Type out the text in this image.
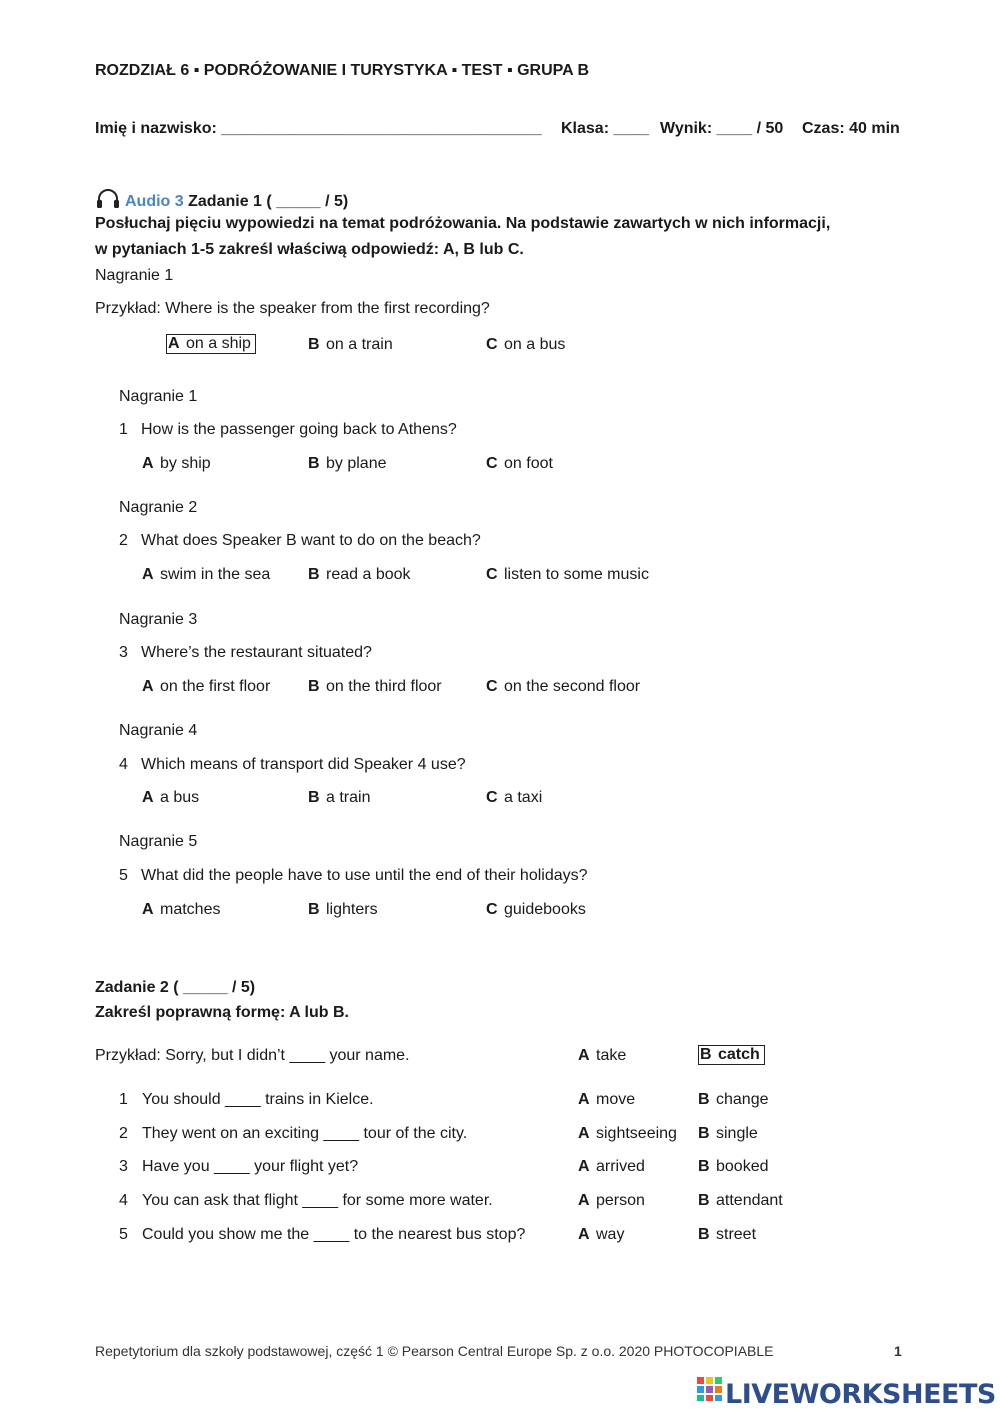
ROZDZIAŁ 6 ▪ PODRÓŻOWANIE I TURYSTYKA ▪ TEST ▪ GRUPA B
Imię i nazwisko: ____________________________________ Klasa: ____ Wynik: ____ / 50 Czas: 40 min
Audio 3 Zadanie 1 ( _____ / 5)
Posłuchaj pięciu wypowiedzi na temat podróżowania. Na podstawie zawartych w nich informacji,
w pytaniach 1-5 zakreśl właściwą odpowiedź: A, B lub C.
Nagranie 1
Przykład: Where is the speaker from the first recording?
A on a ship	B on a train	C on a bus
Nagranie 1
1 How is the passenger going back to Athens?
A by ship	B by plane	C on foot
Nagranie 2
2 What does Speaker B want to do on the beach?
A swim in the sea B read a book	C listen to some music
Nagranie 3
3 Where’s the restaurant situated?
A on the first floor B on the third floor	C on the second floor
Nagranie 4
4 Which means of transport did Speaker 4 use?
A a bus	B a train	C a taxi
Nagranie 5
5 What did the people have to use until the end of their holidays?
A matches	B lighters	C guidebooks
Zadanie 2 ( _____ / 5)
Zakreśl poprawną formę: A lub B.
Przykład: Sorry, but I didn’t ____ your name.	A take	B catch
1 You should ____ trains in Kielce.	A move	B change
2 They went on an exciting ____ tour of the city.	A sightseeing B single
3 Have you ____ your flight yet?	A arrived	B booked
4 You can ask that flight ____ for some more water.	A person	B attendant
5 Could you show me the ____ to the nearest bus stop?	A way	B street
Repetytorium dla szkoły podstawowej, część 1 © Pearson Central Europe Sp. z o.o. 2020 PHOTOCOPIABLE	1
LIVEWORKSHEETS
